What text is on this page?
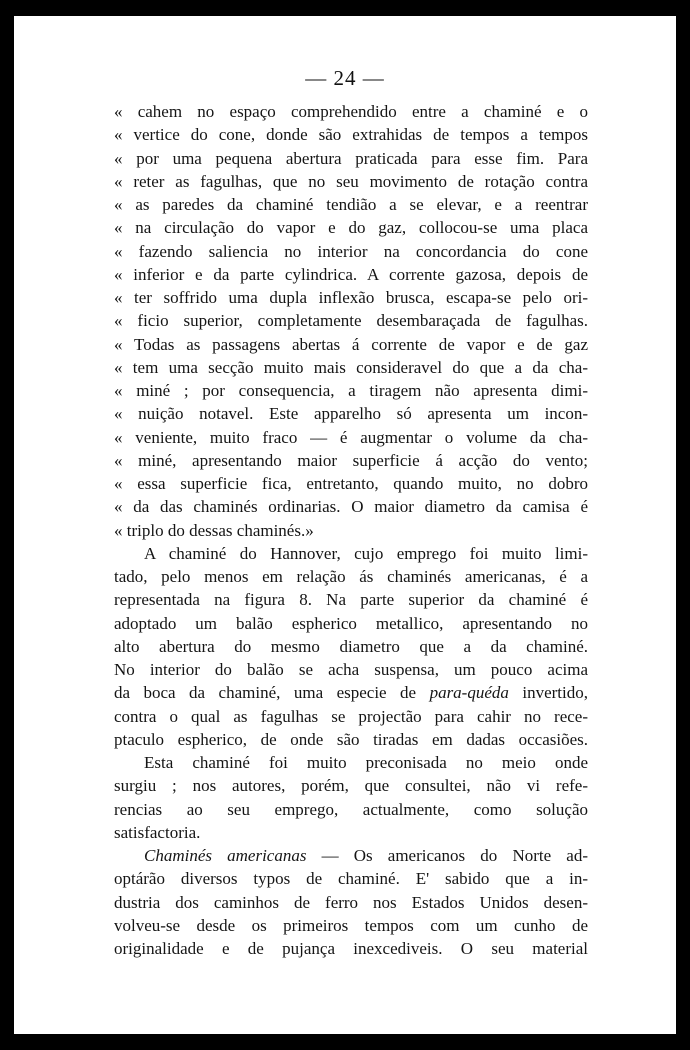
— 24 —
« cahem no espaço comprehendido entre a chaminé e o
« vertice do cone, donde são extrahidas de tempos a tempos
« por uma pequena abertura praticada para esse fim. Para
« reter as fagulhas, que no seu movimento de rotação contra
« as paredes da chaminé tendião a se elevar, e a reentrar
« na circulação do vapor e do gaz, collocou-se uma placa
« fazendo saliencia no interior na concordancia do cone
« inferior e da parte cylindrica. A corrente gazosa, depois de
« ter soffrido uma dupla inflexão brusca, escapa-se pelo ori-
« ficio superior, completamente desembaraçada de fagulhas.
« Todas as passagens abertas á corrente de vapor e de gaz
« tem uma secção muito mais consideravel do que a da cha-
« miné ; por consequencia, a tiragem não apresenta dimi-
« nuição notavel. Este apparelho só apresenta um incon-
« veniente, muito fraco — é augmentar o volume da cha-
« miné, apresentando maior superficie á acção do vento;
« essa superficie fica, entretanto, quando muito, no dobro
« da das chaminés ordinarias. O maior diametro da camisa é
« triplo do dessas chaminés.»
A chaminé do Hannover, cujo emprego foi muito limi-
tado, pelo menos em relação ás chaminés americanas, é a
representada na figura 8. Na parte superior da chaminé é
adoptado um balão espherico metallico, apresentando no
alto abertura do mesmo diametro que a da chaminé.
No interior do balão se acha suspensa, um pouco acima
da boca da chaminé, uma especie de para-quéda invertido,
contra o qual as fagulhas se projectão para cahir no rece-
ptaculo espherico, de onde são tiradas em dadas occasiões.
Esta chaminé foi muito preconisada no meio onde
surgiu ; nos autores, porém, que consultei, não vi refe-
rencias ao seu emprego, actualmente, como solução
satisfactoria.
Chaminés americanas — Os americanos do Norte ad-
optárão diversos typos de chaminé. E' sabido que a in-
dustria dos caminhos de ferro nos Estados Unidos desen-
volveu-se desde os primeiros tempos com um cunho de
originalidade e de pujança inexcediveis. O seu material
